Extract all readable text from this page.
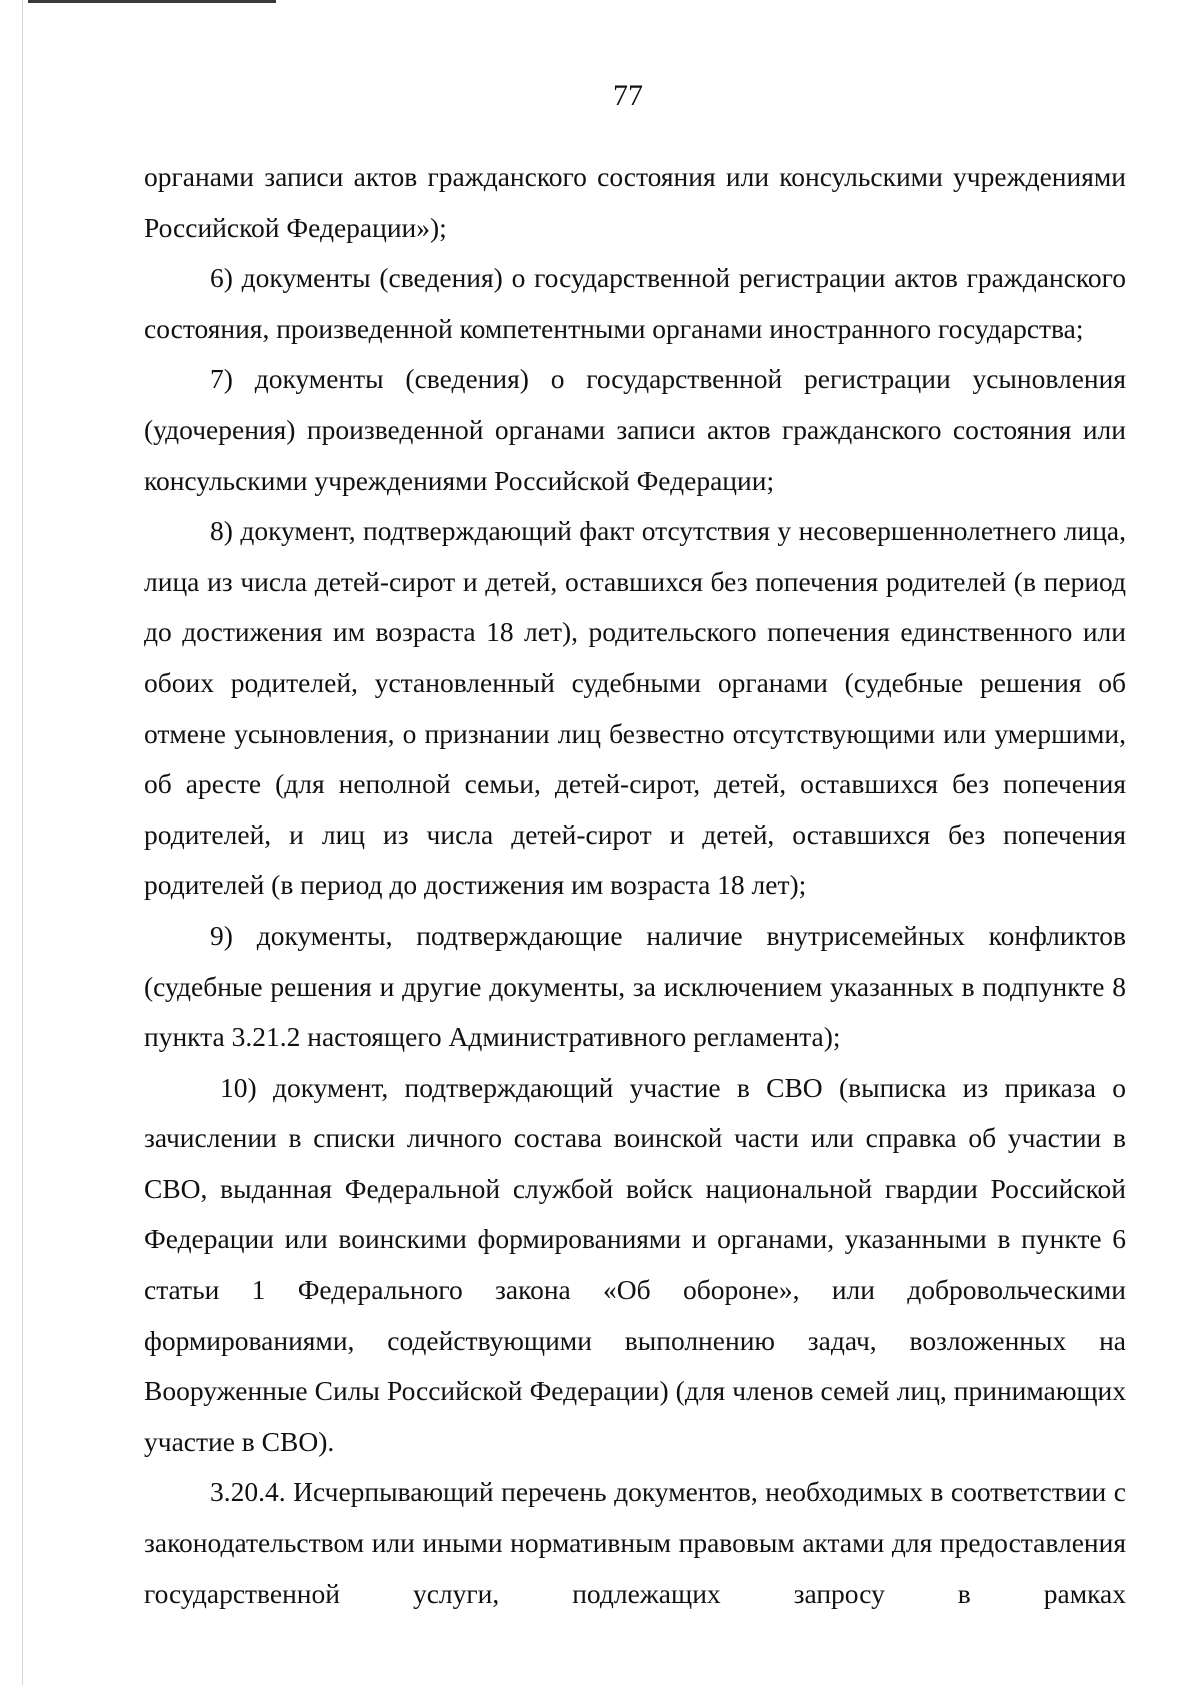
77

органами записи актов гражданского состояния или консульскими учреждениями Российской Федерации»);

6) документы (сведения) о государственной регистрации актов гражданского состояния, произведенной компетентными органами иностранного государства;

7) документы (сведения) о государственной регистрации усыновления (удочерения) произведенной органами записи актов гражданского состояния или консульскими учреждениями Российской Федерации;

8) документ, подтверждающий факт отсутствия у несовершеннолетнего лица, лица из числа детей-сирот и детей, оставшихся без попечения родителей (в период до достижения им возраста 18 лет), родительского попечения единственного или обоих родителей, установленный судебными органами (судебные решения об отмене усыновления, о признании лиц безвестно отсутствующими или умершими, об аресте (для неполной семьи, детей-сирот, детей, оставшихся без попечения родителей, и лиц из числа детей-сирот и детей, оставшихся без попечения родителей (в период до достижения им возраста 18 лет);

9) документы, подтверждающие наличие внутрисемейных конфликтов (судебные решения и другие документы, за исключением указанных в подпункте 8 пункта 3.21.2 настоящего Административного регламента);

10) документ, подтверждающий участие в СВО (выписка из приказа о зачислении в списки личного состава воинской части или справка об участии в СВО, выданная Федеральной службой войск национальной гвардии Российской Федерации или воинскими формированиями и органами, указанными в пункте 6 статьи 1 Федерального закона «Об обороне», или добровольческими формированиями, содействующими выполнению задач, возложенных на Вооруженные Силы Российской Федерации) (для членов семей лиц, принимающих участие в СВО).

3.20.4. Исчерпывающий перечень документов, необходимых в соответствии с законодательством или иными нормативным правовым актами для предоставления государственной услуги, подлежащих запросу в рамках
